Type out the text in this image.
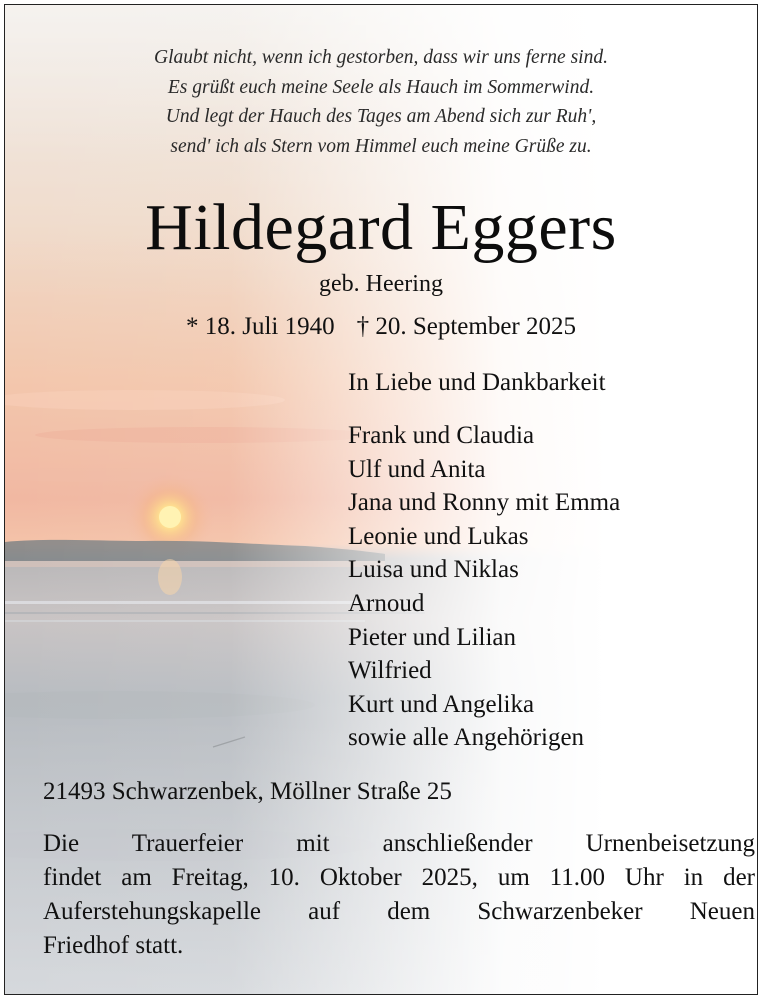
Glaubt nicht, wenn ich gestorben, dass wir uns ferne sind.
Es grüßt euch meine Seele als Hauch im Sommerwind.
Und legt der Hauch des Tages am Abend sich zur Ruh',
send' ich als Stern vom Himmel euch meine Grüße zu.
Hildegard Eggers
geb. Heering
* 18. Juli 1940 † 20. September 2025
In Liebe und Dankbarkeit
Frank und Claudia
Ulf und Anita
Jana und Ronny mit Emma
Leonie und Lukas
Luisa und Niklas
Arnoud
Pieter und Lilian
Wilfried
Kurt und Angelika
sowie alle Angehörigen
21493 Schwarzenbek, Möllner Straße 25
Die Trauerfeier mit anschließender Urnenbeisetzung
findet am Freitag, 10. Oktober 2025, um 11.00 Uhr in der
Auferstehungskapelle auf dem Schwarzenbeker Neuen
Friedhof statt.
